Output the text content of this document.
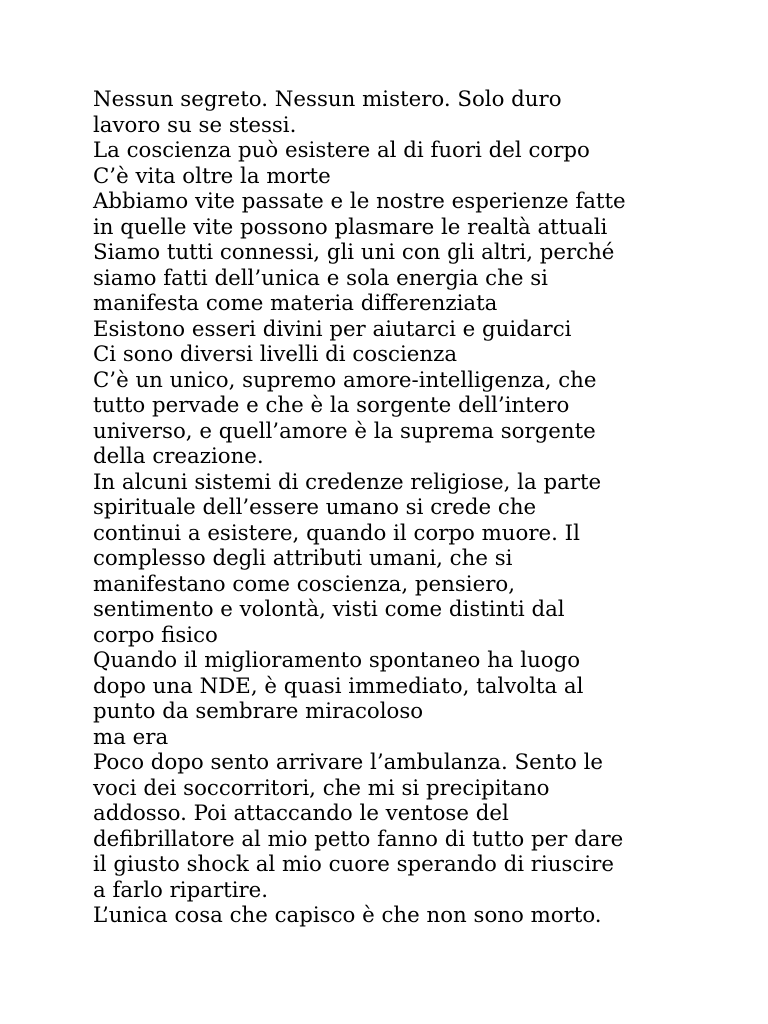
Nessun segreto. Nessun mistero. Solo duro
lavoro su se stessi.
La coscienza può esistere al di fuori del corpo
C’è vita oltre la morte
Abbiamo vite passate e le nostre esperienze fatte
in quelle vite possono plasmare le realtà attuali
Siamo tutti connessi, gli uni con gli altri, perché
siamo fatti dell’unica e sola energia che si
manifesta come materia differenziata
Esistono esseri divini per aiutarci e guidarci
Ci sono diversi livelli di coscienza
C’è un unico, supremo amore-intelligenza, che
tutto pervade e che è la sorgente dell’intero
universo, e quell’amore è la suprema sorgente
della creazione.
In alcuni sistemi di credenze religiose, la parte
spirituale dell’essere umano si crede che
continui a esistere, quando il corpo muore. Il
complesso degli attributi umani, che si
manifestano come coscienza, pensiero,
sentimento e volontà, visti come distinti dal
corpo fisico
Quando il miglioramento spontaneo ha luogo
dopo una NDE, è quasi immediato, talvolta al
punto da sembrare miracoloso
ma era
Poco dopo sento arrivare l’ambulanza. Sento le
voci dei soccorritori, che mi si precipitano
addosso. Poi attaccando le ventose del
defibrillatore al mio petto fanno di tutto per dare
il giusto shock al mio cuore sperando di riuscire
a farlo ripartire.
L’unica cosa che capisco è che non sono morto.
